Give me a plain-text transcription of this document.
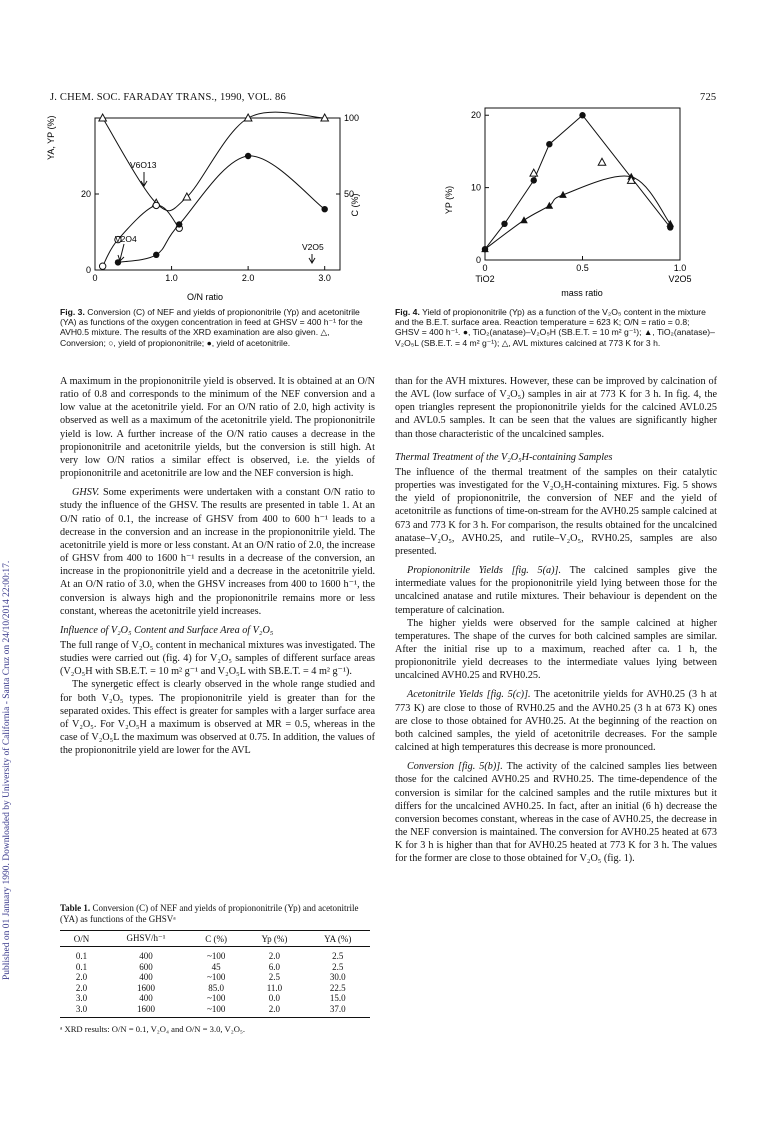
J. CHEM. SOC. FARADAY TRANS., 1990, VOL. 86	725
Published on 01 January 1990. Downloaded by University of California - Santa Cruz on 24/10/2014 22:00:17.
YA, YP (%)
C (%)
O/N ratio
V6O13
V2O4
V2O5
0	1.0	2.0	3.0
0
20	50
100
Fig. 3. Conversion (C) of NEF and yields of propiononitrile (Yp) and acetonitrile (YA) as functions of the oxygen concentration in feed at GHSV = 400 h⁻¹ for the AVH0.5 mixture. The results of the XRD examination are also given. △, Conversion; ○, yield of propiononitrile; ●, yield of acetonitrile.
YP (%)
mass ratio
0	0.5	1.0
TiO2	V2O5
0
10
20
Fig. 4. Yield of propiononitrile (Yp) as a function of the V₂O₅ content in the mixture and the B.E.T. surface area. Reaction temperature = 623 K; O/N = ratio = 0.8; GHSV = 400 h⁻¹. ●, TiO₂(anatase)–V₂O₅H (SB.E.T. = 10 m² g⁻¹); ▲, TiO₂(anatase)–V₂O₅L (SB.E.T. = 4 m² g⁻¹); △, AVL mixtures calcined at 773 K for 3 h.

A maximum in the propiononitrile yield is observed. It is obtained at an O/N ratio of 0.8 and corresponds to the minimum of the NEF conversion and a low value at the acetonitrile yield. For an O/N ratio of 2.0, high activity is observed as well as a maximum of the acetonitrile yield. The propiononitrile yield is low. A further increase of the O/N ratio causes a decrease in the propiononitrile and acetonitrile yields, but the conversion is still high. At very low O/N ratios a similar effect is observed, i.e. the yields of propiononitrile and acetonitrile are low and the NEF conversion is high.

GHSV. Some experiments were undertaken with a constant O/N ratio to study the influence of the GHSV. The results are presented in table 1. At an O/N ratio of 0.1, the increase of GHSV from 400 to 600 h⁻¹ leads to a decrease in the conversion and an increase in the propiononitrile yield. The acetonitrile yield is more or less constant. At an O/N ratio of 2.0, the increase of GHSV from 400 to 1600 h⁻¹ results in a decrease of the conversion, an increase in the propiononitrile yield and a decrease in the acetonitrile yield. At an O/N ratio of 3.0, when the GHSV increases from 400 to 1600 h⁻¹, the conversion is always high and the propiononitrile remains more or less constant, whereas the acetonitrile yield increases.

Influence of V₂O₅ Content and Surface Area of V₂O₅

The full range of V₂O₅ content in mechanical mixtures was investigated. The studies were carried out (fig. 4) for V₂O₅ samples of different surface areas (V₂O₅H with SB.E.T. = 10 m² g⁻¹ and V₂O₅L with SB.E.T. = 4 m² g⁻¹).

The synergetic effect is clearly observed in the whole range studied and for both V₂O₅ types. The propiononitrile yield is greater than for the separated oxides. This effect is greater for samples with a larger surface area of V₂O₅. For V₂O₅H a maximum is observed at MR = 0.5, whereas in the case of V₂O₅L the maximum was observed at 0.75. In addition, the values of the propiononitrile yield are lower for the AVL

Table 1. Conversion (C) of NEF and yields of propiononitrile (Yp) and acetonitrile (YA) as functions of the GHSVᵃ
O/N	GHSV/h⁻¹	C (%)	Yp (%)	YA (%)
0.1	400	~100	2.0	2.5
0.1	600	45	6.0	2.5
2.0	400	~100	2.5	30.0
2.0	1600	85.0	11.0	22.5
3.0	400	~100	0.0	15.0
3.0	1600	~100	2.0	37.0
ᵃ XRD results: O/N = 0.1, V₂O₄ and O/N = 3.0, V₂O₅.

than for the AVH mixtures. However, these can be improved by calcination of the AVL (low surface of V₂O₅) samples in air at 773 K for 3 h. In fig. 4, the open triangles represent the propiononitrile yields for the calcined AVL0.25 and AVL0.5 samples. It can be seen that the values are significantly higher than those characteristic of the uncalcined samples.

Thermal Treatment of the V₂O₅H-containing Samples

The influence of the thermal treatment of the samples on their catalytic properties was investigated for the V₂O₅H-containing mixtures. Fig. 5 shows the yield of propiononitrile, the conversion of NEF and the yield of acetonitrile as functions of time-on-stream for the AVH0.25 sample calcined at 673 and 773 K for 3 h. For comparison, the results obtained for the uncalcined anatase–V₂O₅, AVH0.25, and rutile–V₂O₅, RVH0.25, samples are also presented.

Propiononitrile Yields [fig. 5(a)]. The calcined samples give the intermediate values for the propiononitrile yield lying between those for the uncalcined anatase and rutile mixtures. Their behaviour is dependent on the temperature of calcination.

The higher yields were observed for the sample calcined at higher temperatures. The shape of the curves for both calcined samples are similar. After the initial rise up to a maximum, reached after ca. 1 h, the propiononitrile yield decreases to the intermediate values lying between uncalcined AVH0.25 and RVH0.25.

Acetonitrile Yields [fig. 5(c)]. The acetonitrile yields for AVH0.25 (3 h at 773 K) are close to those of RVH0.25 and the AVH0.25 (3 h at 673 K) ones are close to those obtained for AVH0.25. At the beginning of the reaction on both calcined samples, the yield of acetonitrile decreases. For the sample calcined at high temperatures this decrease is more pronounced.

Conversion [fig. 5(b)]. The activity of the calcined samples lies between those for the calcined AVH0.25 and RVH0.25. The time-dependence of the conversion is similar for the calcined samples and the rutile mixtures but it differs for the uncalcined AVH0.25. In fact, after an initial (6 h) decrease the conversion becomes constant, whereas in the case of AVH0.25, the decrease in the NEF conversion is maintained. The conversion for AVH0.25 heated at 673 K for 3 h is higher than that for AVH0.25 heated at 773 K for 3 h. The values for the former are close to those obtained for V₂O₅ (fig. 1).
